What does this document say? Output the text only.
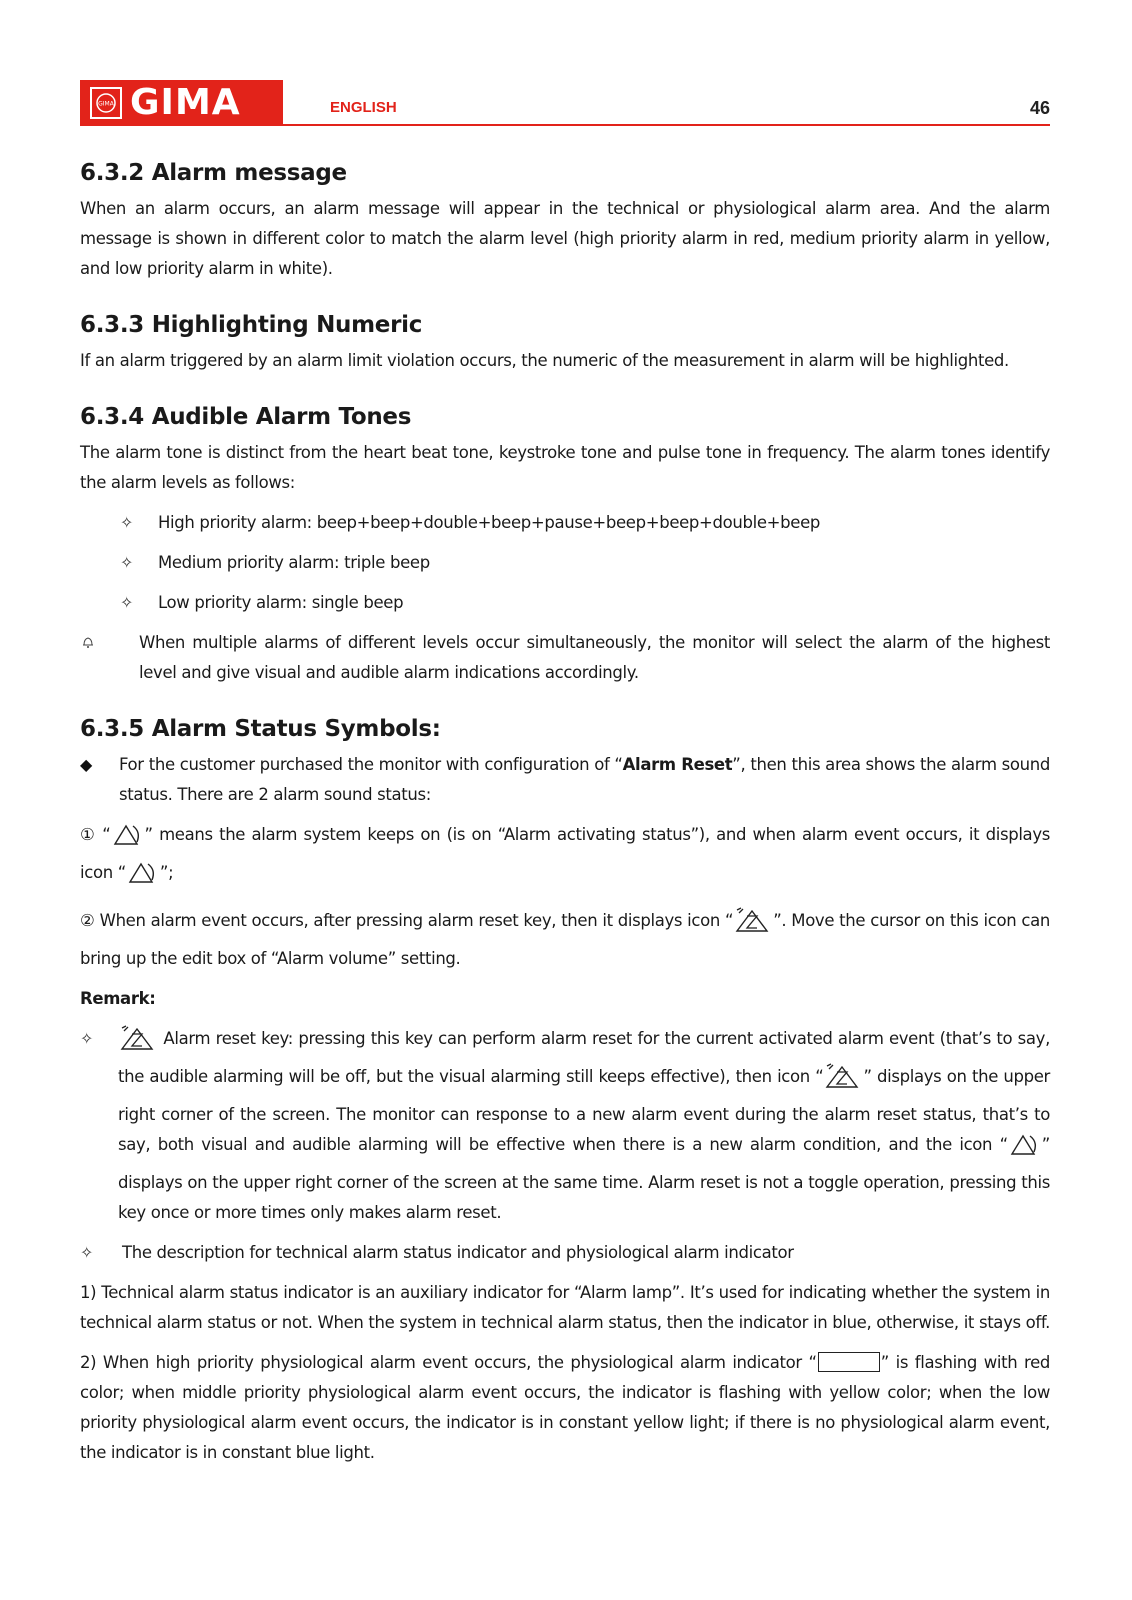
GIMA GIMA	ENGLISH	46
6.3.2 Alarm message

When an alarm occurs, an alarm message will appear in the technical or physiological alarm area. And the alarm message is shown in different color to match the alarm level (high priority alarm in red, medium priority alarm in yellow, and low priority alarm in white).

6.3.3 Highlighting Numeric

If an alarm triggered by an alarm limit violation occurs, the numeric of the measurement in alarm will be highlighted.

6.3.4 Audible Alarm Tones

The alarm tone is distinct from the heart beat tone, keystroke tone and pulse tone in frequency. The alarm tones identify the alarm levels as follows:

✧	High priority alarm: beep+beep+double+beep+pause+beep+beep+double+beep
✧	Medium priority alarm: triple beep
✧	Low priority alarm: single beep
When multiple alarms of different levels occur simultaneously, the monitor will select the alarm of the highest level and give visual and audible alarm indications accordingly.
6.3.5 Alarm Status Symbols:
◆	For the customer purchased the monitor with configuration of “Alarm Reset”, then this area shows the alarm sound status. There are 2 alarm sound status:

① “ ” means the alarm system keeps on (is on “Alarm activating status”), and when alarm event occurs, it displays icon “ ”;

② When alarm event occurs, after pressing alarm reset key, then it displays icon “ ”. Move the cursor on this icon can bring up the edit box of “Alarm volume” setting.

Remark:

✧	Alarm reset key: pressing this key can perform alarm reset for the current activated alarm event (that’s to say, the audible alarming will be off, but the visual alarming still keeps effective), then icon “ ” displays on the upper right corner of the screen. The monitor can response to a new alarm event during the alarm reset status, that’s to say, both visual and audible alarming will be effective when there is a new alarm condition, and the icon “ ” displays on the upper right corner of the screen at the same time. Alarm reset is not a toggle operation, pressing this key once or more times only makes alarm reset.
✧	The description for technical alarm status indicator and physiological alarm indicator

1) Technical alarm status indicator is an auxiliary indicator for “Alarm lamp”. It’s used for indicating whether the system in technical alarm status or not. When the system in technical alarm status, then the indicator in blue, otherwise, it stays off.

2) When high priority physiological alarm event occurs, the physiological alarm indicator “	” is flashing with red color; when middle priority physiological alarm event occurs, the indicator is flashing with yellow color; when the low priority physiological alarm event occurs, the indicator is in constant yellow light; if there is no physiological alarm event, the indicator is in constant blue light.
